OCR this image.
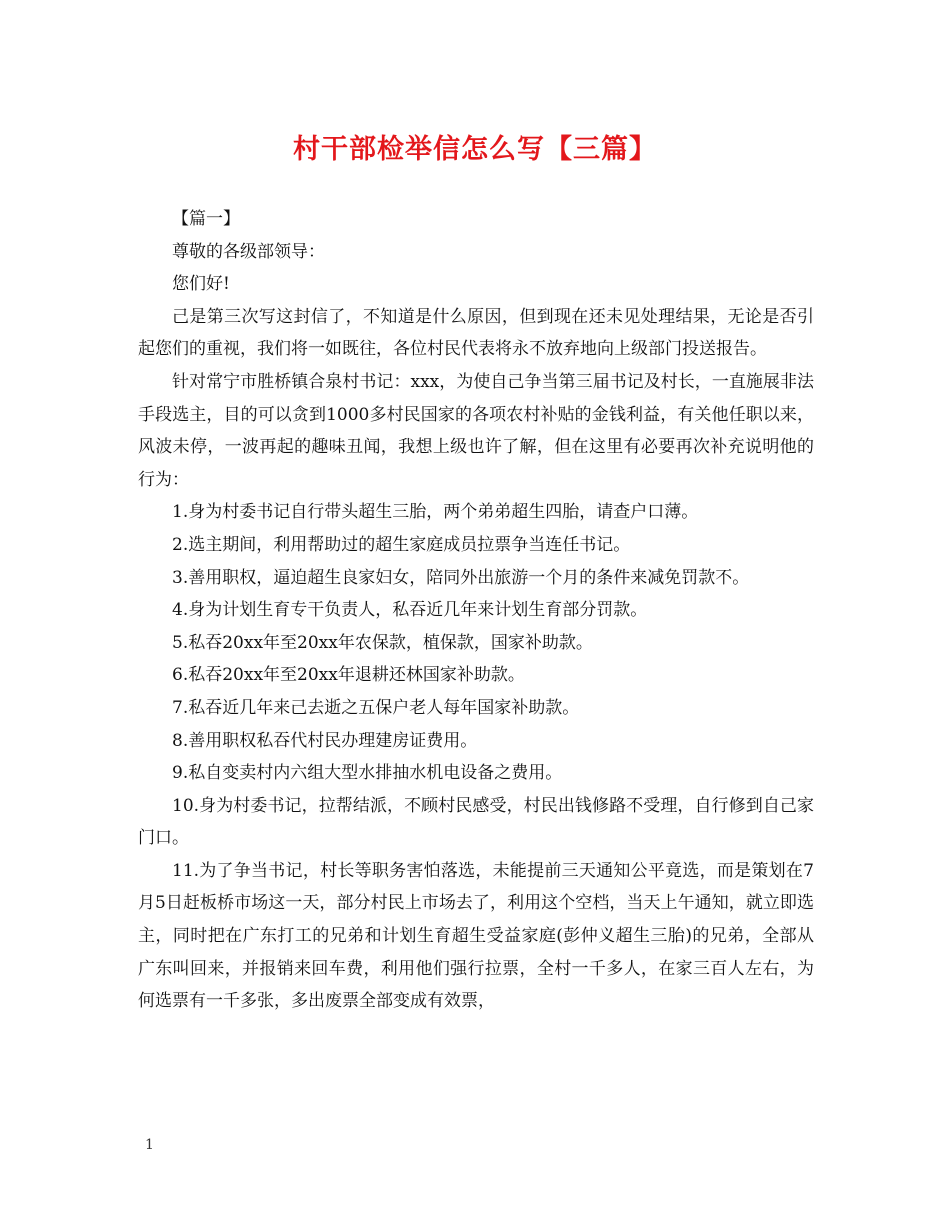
村干部检举信怎么写【三篇】

【篇一】

尊敬的各级部领导：

您们好!

己是第三次写这封信了，不知道是什么原因，但到现在还未见处理结果，无论是否引起您们的重视，我们将一如既往，各位村民代表将永不放弃地向上级部门投送报告。

针对常宁市胜桥镇合泉村书记：xxx，为使自己争当第三届书记及村长，一直施展非法手段选主，目的可以贪到1000多村民国家的各项农村补贴的金钱利益，有关他任职以来，风波未停，一波再起的趣味丑闻，我想上级也许了解，但在这里有必要再次补充说明他的行为：

1.身为村委书记自行带头超生三胎，两个弟弟超生四胎，请查户口薄。

2.选主期间，利用帮助过的超生家庭成员拉票争当连任书记。

3.善用职权，逼迫超生良家妇女，陪同外出旅游一个月的条件来减免罚款不。

4.身为计划生育专干负责人，私吞近几年来计划生育部分罚款。

5.私吞20xx年至20xx年农保款，植保款，国家补助款。

6.私吞20xx年至20xx年退耕还林国家补助款。

7.私吞近几年来己去逝之五保户老人每年国家补助款。

8.善用职权私吞代村民办理建房证费用。

9.私自变卖村内六组大型水排抽水机电设备之费用。

10.身为村委书记，拉帮结派，不顾村民感受，村民出钱修路不受理，自行修到自己家门口。

11.为了争当书记，村长等职务害怕落选，未能提前三天通知公平竟选，而是策划在7月5日赶板桥市场这一天，部分村民上市场去了，利用这个空档，当天上午通知，就立即选主，同时把在广东打工的兄弟和计划生育超生受益家庭(彭仲义超生三胎)的兄弟，全部从广东叫回来，并报销来回车费，利用他们强行拉票，全村一千多人，在家三百人左右，为何选票有一千多张，多出废票全部变成有效票，

1
